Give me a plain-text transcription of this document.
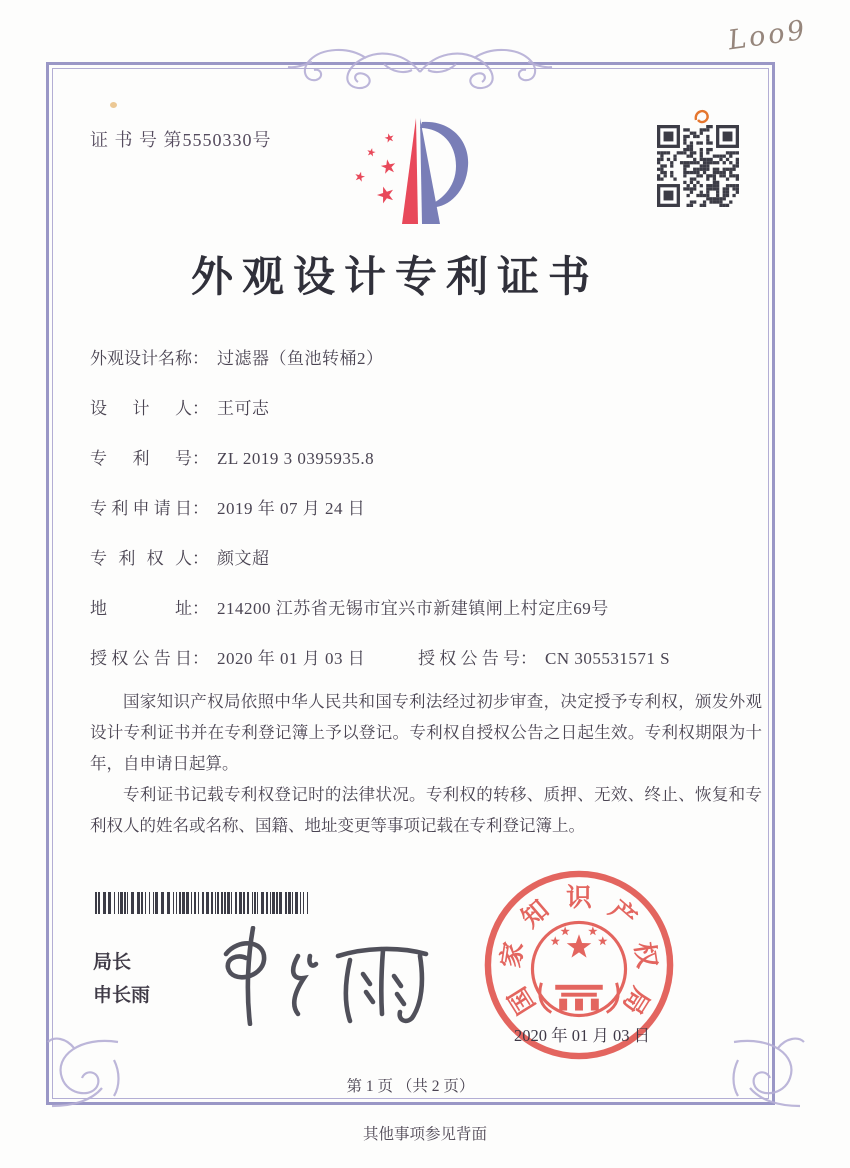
证 书 号 第5550330号
Loo9
★
★
★
★
★
外观设计专利证书
外观设计名称： 过滤器（鱼池转桶2）
设计人： 王可志
专利号： ZL 2019 3 0395935.8
专利申请日： 2019 年 07 月 24 日
专利权人： 颜文超
地址： 214200 江苏省无锡市宜兴市新建镇闸上村定庄69号
授权公告日： 2020 年 01 月 03 日	授权公告号： CN 305531571 S

国家知识产权局依照中华人民共和国专利法经过初步审查，决定授予专利权，颁发外观设计专利证书并在专利登记簿上予以登记。专利权自授权公告之日起生效。专利权期限为十年，自申请日起算。

专利证书记载专利权登记时的法律状况。专利权的转移、质押、无效、终止、恢复和专利权人的姓名或名称、国籍、地址变更等事项记载在专利登记簿上。

局长
申长雨	国
家
知 识 产
权
局
2020 年 01 月 03 日
第 1 页 （共 2 页）
其他事项参见背面
